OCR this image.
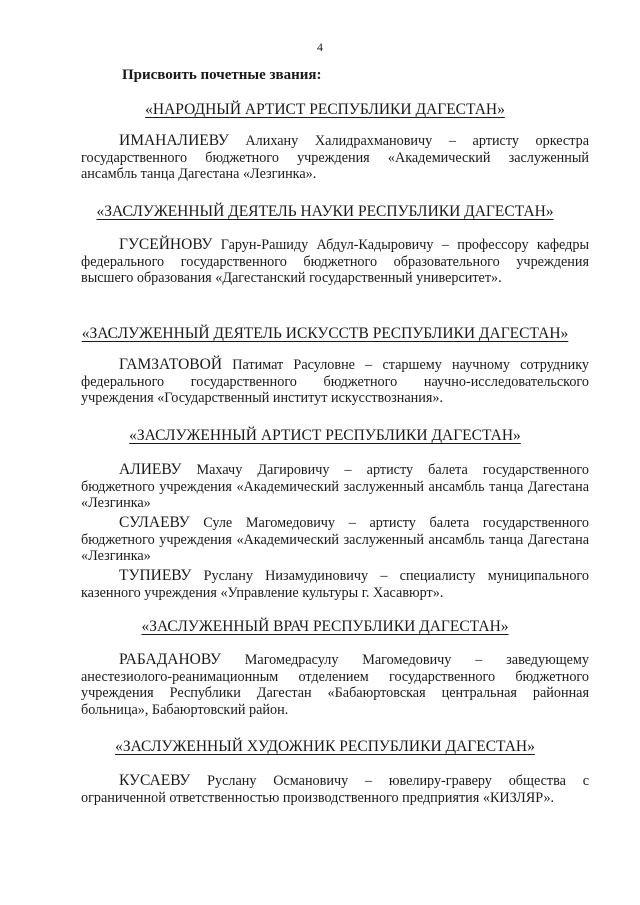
4
Присвоить почетные звания:
«НАРОДНЫЙ АРТИСТ РЕСПУБЛИКИ ДАГЕСТАН»
ИМАНАЛИЕВУ Алихану Халидрахмановичу – артисту оркестра государственного бюджетного учреждения «Академический заслуженный ансамбль танца Дагестана «Лезгинка».
«ЗАСЛУЖЕННЫЙ ДЕЯТЕЛЬ НАУКИ РЕСПУБЛИКИ ДАГЕСТАН»
ГУСЕЙНОВУ Гарун-Рашиду Абдул-Кадыровичу – профессору кафедры федерального государственного бюджетного образовательного учреждения высшего образования «Дагестанский государственный университет».
«ЗАСЛУЖЕННЫЙ ДЕЯТЕЛЬ ИСКУССТВ РЕСПУБЛИКИ ДАГЕСТАН»
ГАМЗАТОВОЙ Патимат Расуловне – старшему научному сотруднику федерального государственного бюджетного научно-исследовательского учреждения «Государственный институт искусствознания».
«ЗАСЛУЖЕННЫЙ АРТИСТ РЕСПУБЛИКИ ДАГЕСТАН»
АЛИЕВУ Махачу Дагировичу – артисту балета государственного бюджетного учреждения «Академический заслуженный ансамбль танца Дагестана «Лезгинка»
СУЛАЕВУ Суле Магомедовичу – артисту балета государственного бюджетного учреждения «Академический заслуженный ансамбль танца Дагестана «Лезгинка»
ТУПИЕВУ Руслану Низамудиновичу – специалисту муниципального казенного учреждения «Управление культуры г. Хасавюрт».
«ЗАСЛУЖЕННЫЙ ВРАЧ РЕСПУБЛИКИ ДАГЕСТАН»
РАБАДАНОВУ Магомедрасулу Магомедовичу – заведующему анестезиолого-реанимационным отделением государственного бюджетного учреждения Республики Дагестан «Бабаюртовская центральная районная больница», Бабаюртовский район.
«ЗАСЛУЖЕННЫЙ ХУДОЖНИК РЕСПУБЛИКИ ДАГЕСТАН»
КУСАЕВУ Руслану Османовичу – ювелиру-граверу общества с ограниченной ответственностью производственного предприятия «КИЗЛЯР».
